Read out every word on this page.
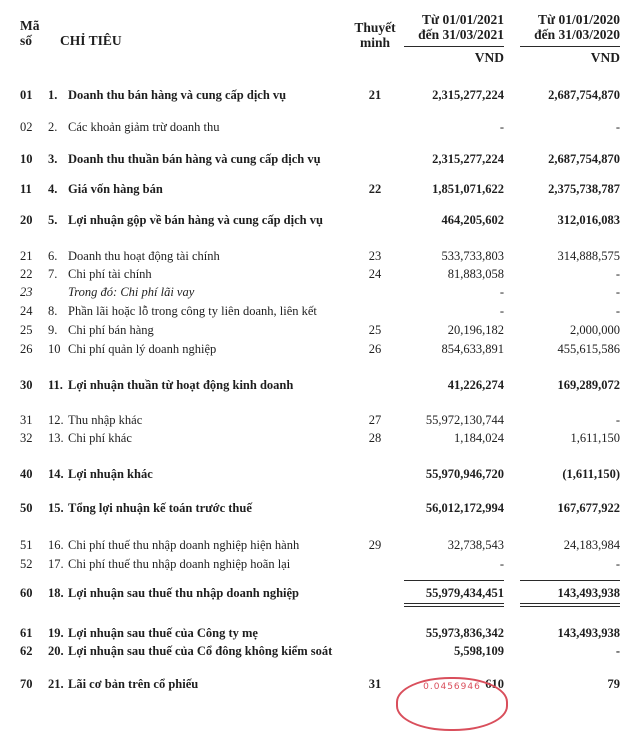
Mã
số CHỈ TIÊU
Thuyết
minh
Từ 01/01/2021
đến 31/03/2021
Từ 01/01/2020
đến 31/03/2020
VND	VND
01	1. Doanh thu bán hàng và cung cấp dịch vụ	21	2,315,277,224	2,687,754,870
02	2. Các khoản giảm trừ doanh thu	-	-
10	3. Doanh thu thuần bán hàng và cung cấp dịch vụ	2,315,277,224	2,687,754,870
11	4. Giá vốn hàng bán	22	1,851,071,622	2,375,738,787
20	5. Lợi nhuận gộp về bán hàng và cung cấp dịch vụ	464,205,602	312,016,083
21	6. Doanh thu hoạt động tài chính	23	533,733,803	314,888,575
22	7. Chi phí tài chính	24	81,883,058	-
23	Trong đó: Chi phí lãi vay	-	-
24	8. Phần lãi hoặc lỗ trong công ty liên doanh, liên kết	-	-
25	9. Chi phí bán hàng	25	20,196,182	2,000,000
26	10 Chi phí quản lý doanh nghiệp	26	854,633,891	455,615,586
30	11. Lợi nhuận thuần từ hoạt động kinh doanh	41,226,274	169,289,072
31	12. Thu nhập khác	27	55,972,130,744	-
32	13. Chi phí khác	28	1,184,024	1,611,150
40	14. Lợi nhuận khác	55,970,946,720	(1,611,150)
50	15. Tổng lợi nhuận kế toán trước thuế	56,012,172,994	167,677,922
51	16. Chi phí thuế thu nhập doanh nghiệp hiện hành	29	32,738,543	24,183,984
52	17. Chi phí thuế thu nhập doanh nghiệp hoãn lại	-	-
60	18. Lợi nhuận sau thuế thu nhập doanh nghiệp	55,979,434,451	143,493,938
61	19. Lợi nhuận sau thuế của Công ty mẹ	55,973,836,342	143,493,938
62	20. Lợi nhuận sau thuế của Cổ đông không kiểm soát	5,598,109	-
70	21. Lãi cơ bản trên cổ phiếu	31	610	79
0.0456946
